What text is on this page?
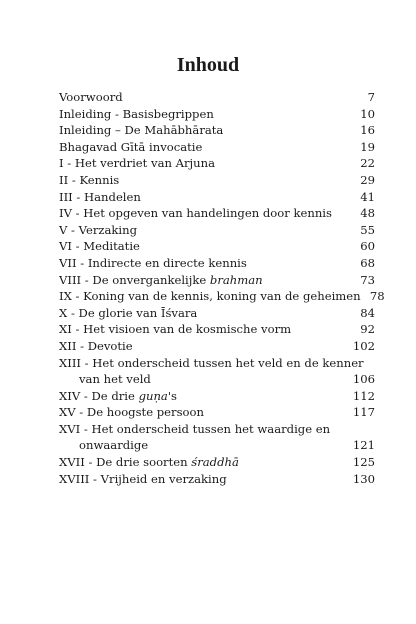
Inhoud
Voorwoord	7
Inleiding - Basisbegrippen	10
Inleiding – De Mahābhārata	16
Bhagavad Gītā invocatie	19
I - Het verdriet van Arjuna	22
II - Kennis	29
III - Handelen	41
IV - Het opgeven van handelingen door kennis	48
V - Verzaking	55
VI - Meditatie	60
VII - Indirecte en directe kennis	68
VIII - De onvergankelijke brahman	73
IX - Koning van de kennis, koning van de geheimen 78
X - De glorie van Īśvara	84
XI - Het visioen van de kosmische vorm	92
XII - Devotie	102
XIII - Het onderscheid tussen het veld en de kenner
van het veld	106
XIV - De drie guṇa's	112
XV - De hoogste persoon	117
XVI - Het onderscheid tussen het waardige en
onwaardige	121
XVII - De drie soorten śraddhā	125
XVIII - Vrijheid en verzaking	130
